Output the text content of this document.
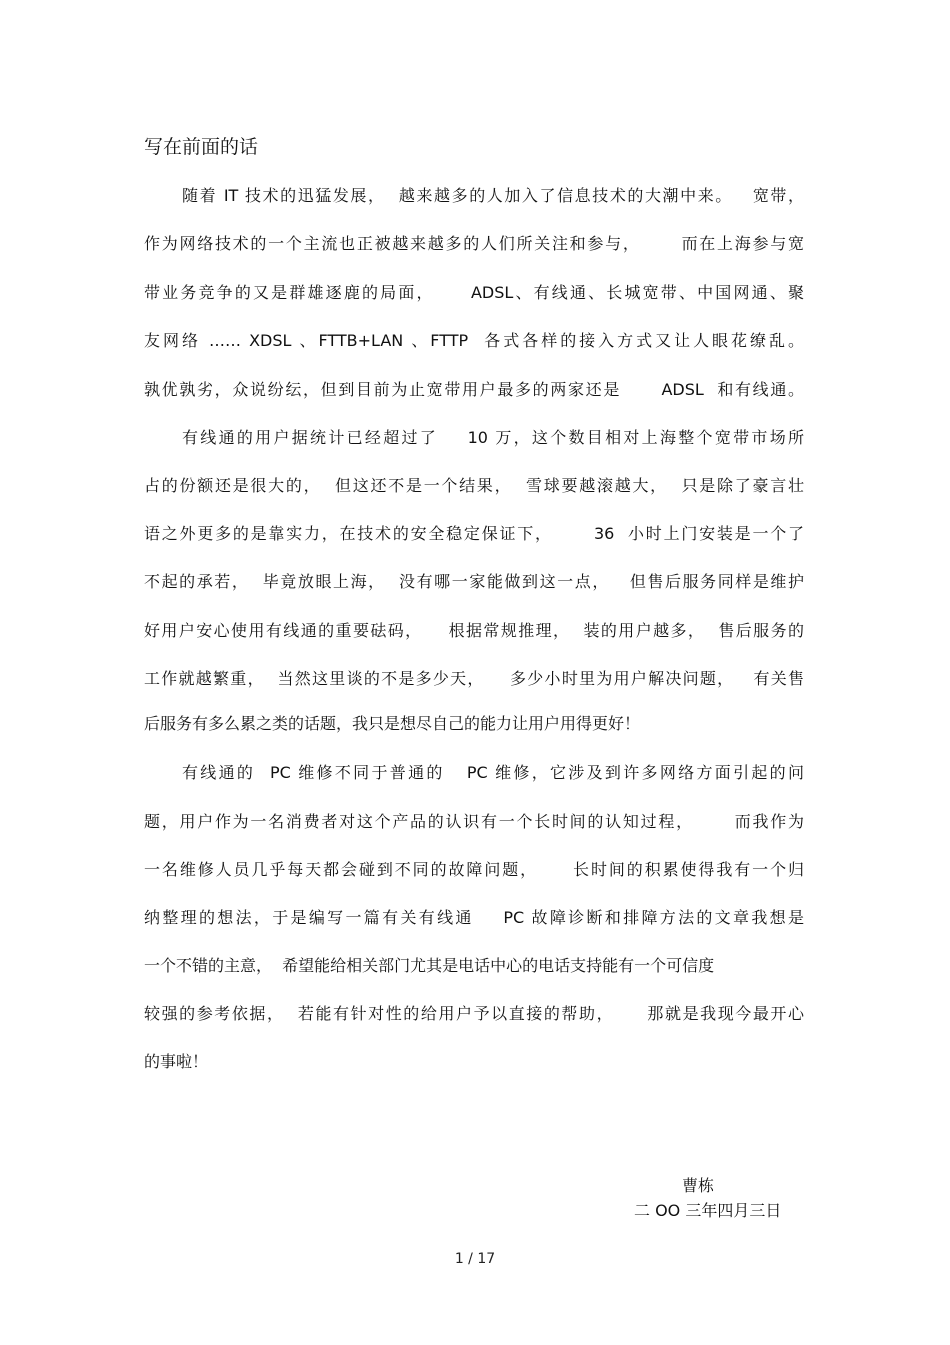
写在前面的话
随着 IT 技术的迅猛发展，  越来越多的人加入了信息技术的大潮中来。   宽带，
作为网络技术的一个主流也正被越来越多的人们所关注和参与，      而在上海参与宽
带业务竞争的又是群雄逐鹿的局面，     ADSL、有线通、长城宽带、中国网通、聚
友网络 …… XDSL 、FTTB+LAN 、FTTP  各式各样的接入方式又让人眼花缭乱。
孰优孰劣，众说纷纭，但到目前为止宽带用户最多的两家还是      ADSL  和有线通。
有线通的用户据统计已经超过了    10 万，这个数目相对上海整个宽带市场所
占的份额还是很大的，  但这还不是一个结果，  雪球要越滚越大，  只是除了豪言壮
语之外更多的是靠实力，在技术的安全稳定保证下，      36  小时上门安装是一个了
不起的承若，  毕竟放眼上海，  没有哪一家能做到这一点，   但售后服务同样是维护
好用户安心使用有线通的重要砝码，    根据常规推理，  装的用户越多，  售后服务的
工作就越繁重，  当然这里谈的不是多少天，    多少小时里为用户解决问题，   有关售
后服务有多么累之类的话题，我只是想尽自己的能力让用户用得更好！
有线通的  PC 维修不同于普通的   PC 维修，它涉及到许多网络方面引起的问
题，用户作为一名消费者对这个产品的认识有一个长时间的认知过程，      而我作为
一名维修人员几乎每天都会碰到不同的故障问题，     长时间的积累使得我有一个归
纳整理的想法，于是编写一篇有关有线通    PC 故障诊断和排障方法的文章我想是
一个不错的主意，  希望能给相关部门尤其是电话中心的电话支持能有一个可信度
较强的参考依据，  若能有针对性的给用户予以直接的帮助，     那就是我现今最开心
的事啦！
曹栋
二 OO 三年四月三日
1 / 17
